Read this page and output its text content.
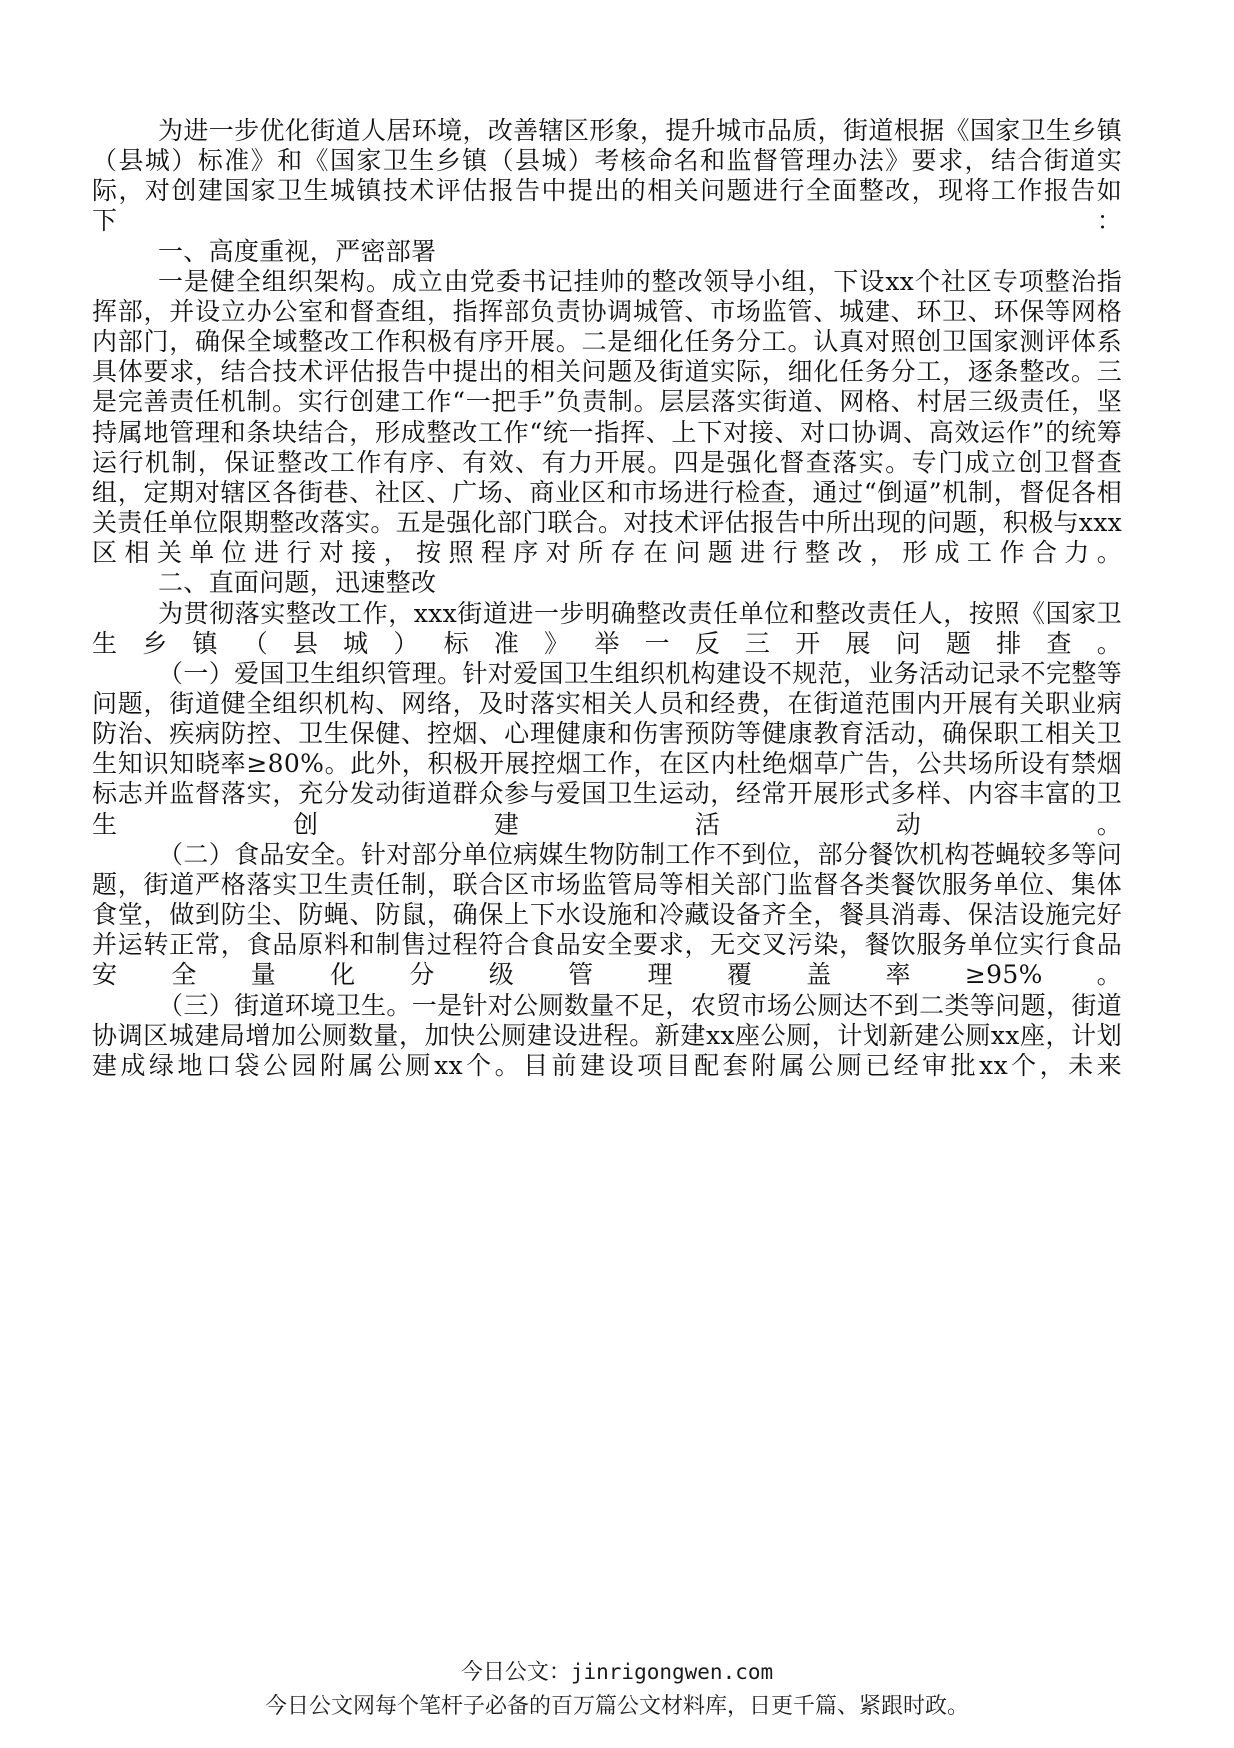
为进一步优化街道人居环境，改善辖区形象，提升城市品质，街道根据《国家卫生乡镇（县城）标准》和《国家卫生乡镇（县城）考核命名和监督管理办法》要求，结合街道实际，对创建国家卫生城镇技术评估报告中提出的相关问题进行全面整改，现将工作报告如下：

一、高度重视，严密部署

一是健全组织架构。成立由党委书记挂帅的整改领导小组，下设xx个社区专项整治指挥部，并设立办公室和督查组，指挥部负责协调城管、市场监管、城建、环卫、环保等网格内部门，确保全域整改工作积极有序开展。二是细化任务分工。认真对照创卫国家测评体系具体要求，结合技术评估报告中提出的相关问题及街道实际，细化任务分工，逐条整改。三是完善责任机制。实行创建工作“一把手”负责制。层层落实街道、网格、村居三级责任，坚持属地管理和条块结合，形成整改工作“统一指挥、上下对接、对口协调、高效运作”的统筹运行机制，保证整改工作有序、有效、有力开展。四是强化督查落实。专门成立创卫督查组，定期对辖区各街巷、社区、广场、商业区和市场进行检查，通过“倒逼”机制，督促各相关责任单位限期整改落实。五是强化部门联合。对技术评估报告中所出现的问题，积极与xxx区相关单位进行对接，按照程序对所存在问题进行整改，形成工作合力。

二、直面问题，迅速整改

为贯彻落实整改工作，xxx街道进一步明确整改责任单位和整改责任人，按照《国家卫生乡镇（县城）标准》举一反三开展问题排查。

（一）爱国卫生组织管理。针对爱国卫生组织机构建设不规范，业务活动记录不完整等问题，街道健全组织机构、网络，及时落实相关人员和经费，在街道范围内开展有关职业病防治、疾病防控、卫生保健、控烟、心理健康和伤害预防等健康教育活动，确保职工相关卫生知识知晓率≥80%。此外，积极开展控烟工作，在区内杜绝烟草广告，公共场所设有禁烟标志并监督落实，充分发动街道群众参与爱国卫生运动，经常开展形式多样、内容丰富的卫生创建活动。

（二）食品安全。针对部分单位病媒生物防制工作不到位，部分餐饮机构苍蝇较多等问题，街道严格落实卫生责任制，联合区市场监管局等相关部门监督各类餐饮服务单位、集体食堂，做到防尘、防蝇、防鼠，确保上下水设施和冷藏设备齐全，餐具消毒、保洁设施完好并运转正常，食品原料和制售过程符合食品安全要求，无交叉污染，餐饮服务单位实行食品安全量化分级管理覆盖率≥95%。

（三）街道环境卫生。一是针对公厕数量不足，农贸市场公厕达不到二类等问题，街道协调区城建局增加公厕数量，加快公厕建设进程。新建xx座公厕，计划新建公厕xx座，计划建成绿地口袋公园附属公厕xx个。目前建设项目配套附属公厕已经审批xx个，未来

今日公文：jinrigongwen.com
今日公文网每个笔杆子必备的百万篇公文材料库，日更千篇、紧跟时政。
